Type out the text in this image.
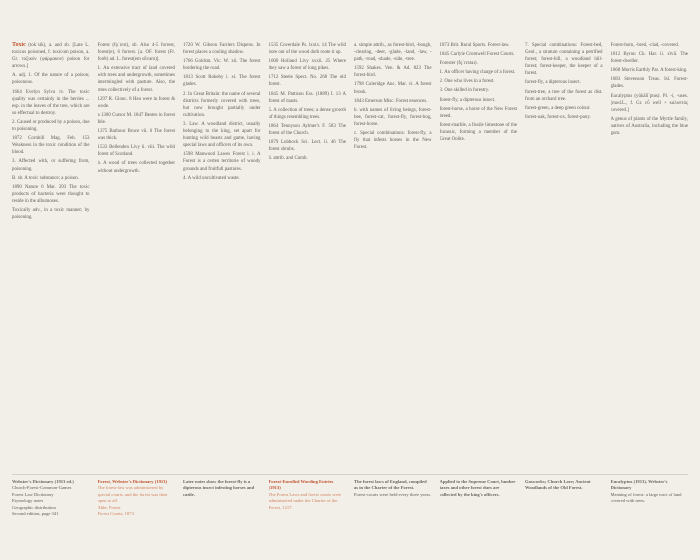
Toxic (tokˈsik), a. and sb. [Late L. toxicus poisoned, f. toxicum poison, a. Gr. τοξικόν (φάρμακον) poison for arrows.]

A. adj. 1. Of the nature of a poison; poisonous.

1664 Evelyn Sylva iv. The toxic quality was certainly in the berries ... esp. in the leaves of the tree, which are so effectual to destroy.

2. Caused or produced by a poison, due to poisoning.

1872 Cornhill Mag. Feb. 153 Weakness in the toxic condition of the blood.

3. Affected with, or suffering from, poisoning.

B. sb. A toxic substance; a poison.

1890 Nature 6 Mar. 393 The toxic products of bacteria were thought to reside in the albumoses.

Toxically adv., in a toxic manner; by poisoning.

Forest (fǫˈrɛst), sb. Also 4-5 forrest, forest(e), 6 forrest. [a. OF. forest (Fr. forêt) ad. L. forest(em silvam)].

1. An extensive tract of land covered with trees and undergrowth, sometimes intermingled with pasture. Also, the trees collectively of a forest.

1297 R. Glouc. 8 Heo were in forest & wode.

a 1300 Cursor M. 1847 Bestes in forest fele.

1375 Barbour Bruce vii. 6 The forest was thick.

1533 Bellenden Livy ii. viii. The wild forest of Scotland.

b. A wood of trees collected together without undergrowth.

1720 W. Gibson Farriers Dispens. In forest places a cooling shadow.

1766 Goldsm. Vic. W. xii. The forest bordering the road.

1813 Scott Rokeby i. xi. The forest glades.

2. In Great Britain: the name of several districts formerly covered with trees, but now brought partially under cultivation.

3. Law. A woodland district, usually belonging to the king, set apart for hunting wild beasts and game, having special laws and officers of its own.

1598 Manwood Lawes Forest i. i. A Forest is a certen territorie of woody grounds and fruitfull pastures.

4. A wild uncultivated waste.

1535 Coverdale Ps. lxxix. 14 The wild bore out of the wood doth roote it up.

1600 Holland Livy xxxii. 25 Where they saw a forest of long pikes.

1712 Steele Spect. No. 268 The old forest.

1845 M. Pattison Ess. (1889) I. 13 A forest of masts.

5. A collection of trees; a dense growth of things resembling trees.

1864 Tennyson Aylmer's F. 583 The forest of the Church.

1879 Lubbock Sci. Lect. ii. 46 The forest shrubs.

6. attrib. and Comb.

a. simple attrib., as forest-bird, -bough, -clearing, -deer, -glade, -land, -law, -path, -road, -shade, -side, -tree.

1592 Shakes. Ven. & Ad. 823 The forest-bird.

1798 Coleridge Anc. Mar. vi. A forest brook.

1843 Emerson Misc. Forest essences.

b. with names of living beings, forest-bee, forest-cat, forest-fly, forest-hog, forest-horse.

c. Special combinations: forest-fly, a fly that infests horses in the New Forest.

1873 Brit. Rural Sports. Forest-law.

1845 Carlyle Cromwell Forest Courts.

Forester (fǫˈrɛstəɹ).

1. An officer having charge of a forest.

2. One who lives in a forest.

3. One skilled in forestry.

forest-fly, a dipterous insect.

forest-horse, a horse of the New Forest breed.

forest-marble, a fissile limestone of the Jurassic, forming a member of the Great Oolite.

7. Special combinations: Forest-bed, Geol., a stratum containing a petrified forest; forest-hill, a woodland hill-forest; forest-keeper, the keeper of a forest.

forest-fly, a dipterous insect.

forest-tree, a tree of the forest as dist. from an orchard tree.

forest-green, a deep green colour.

forest-oak, forest-ox, forest-pony.

Forest-born, -bred, -clad, -covered.

1812 Byron Ch. Har. ii. xlvii. The forest-dweller.

1868 Morris Earthly Par. A forest-king.

1883 Stevenson Treas. Isl. Forest-glades.

Eucalyptus (yūkălĭˈptəs). Pl. -i, -uses. [mod.L., f. Gr. εὖ well + καλυπτός covered.]

A genus of plants of the Myrtle family, natives of Australia, including the blue gum.

Webster's Dictionary (1913 ed.)
Church-Forest-Common-Games
Forest Law Dictionary
Etymology notes
Geographic distribution
Second edition, page 341
Forest, Webster's Dictionary (1913)
The forest-law was administered by special courts, and the forest was then open to all.
Abbr. Forest
Forest Courts, 1873
Later notes show the forest-fly is a dipterous insect infesting horses and cattle.
Forest-Enrolled Wording Entries (1913)
The Forest Laws and forest courts were administered under the Charter of the Forest, 1217.
The forest laws of England, compiled as in the Charter of the Forest.
Forest-courts were held every three years.
Applied to the Supreme Court, lumber taxes and other forest dues are collected by the king's officers.
Gasworks; Church Lore; Ancient Woodlands of the Old Forest.
Eucalyptus (1913). Webster's Dictionary
Meaning of forest: a large tract of land covered with trees.
